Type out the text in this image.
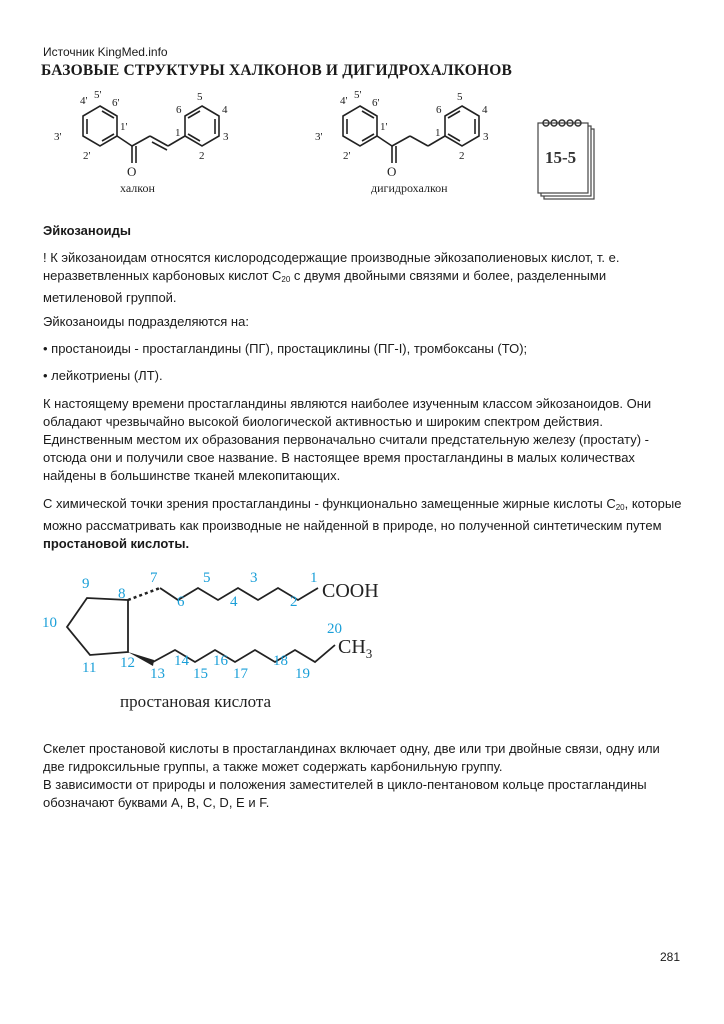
Источник KingMed.info
БАЗОВЫЕ СТРУКТУРЫ ХАЛКОНОВ И ДИГИДРОХАЛКОНОВ
4' 5'
6'
3'
1'
2'
O
6
5
4
1	3
2
халкон
4' 5'
6'
3'
1'
2'
O
6
5
4
1	3
2
дигидрохалкон
15-5
Эйкозаноиды
! К эйкозаноидам относятся кислородсодержащие производные эйкозаполиеновых кислот, т. е. неразветвленных карбоновых кислот С20 с двумя двойными связями и более, разделенными метиленовой группой.
Эйкозаноиды подразделяются на:
• простаноиды - простагландины (ПГ), простациклины (ПГ-I), тромбоксаны (ТО);
• лейкотриены (ЛТ).
К настоящему времени простагландины являются наиболее изученным классом эйкозаноидов. Они обладают чрезвычайно высокой биологической активностью и широким спектром действия. Единственным местом их образования первоначально считали предстательную железу (простату) - отсюда они и получили свое название. В настоящее время простагландины в малых количествах найдены в большинстве тканей млекопитающих.
С химической точки зрения простагландины - функционально замещенные жирные кислоты С20, которые можно рассматривать как производные не найденной в природе, но полученной синтетическим путем простановой кислоты.
COOH
$CH_3$
1
2
3
4
5
6
7
8
9
10
11 12
13
14
15
16
17
18
19
20
простановая кислота
Скелет простановой кислоты в простагландинах включает одну, две или три двойные связи, одну или две гидроксильные группы, а также может содержать карбонильную группу.
В зависимости от природы и положения заместителей в цикло-пентановом кольце простагландины обозначают буквами А, В, С, D, Е и F.
281
